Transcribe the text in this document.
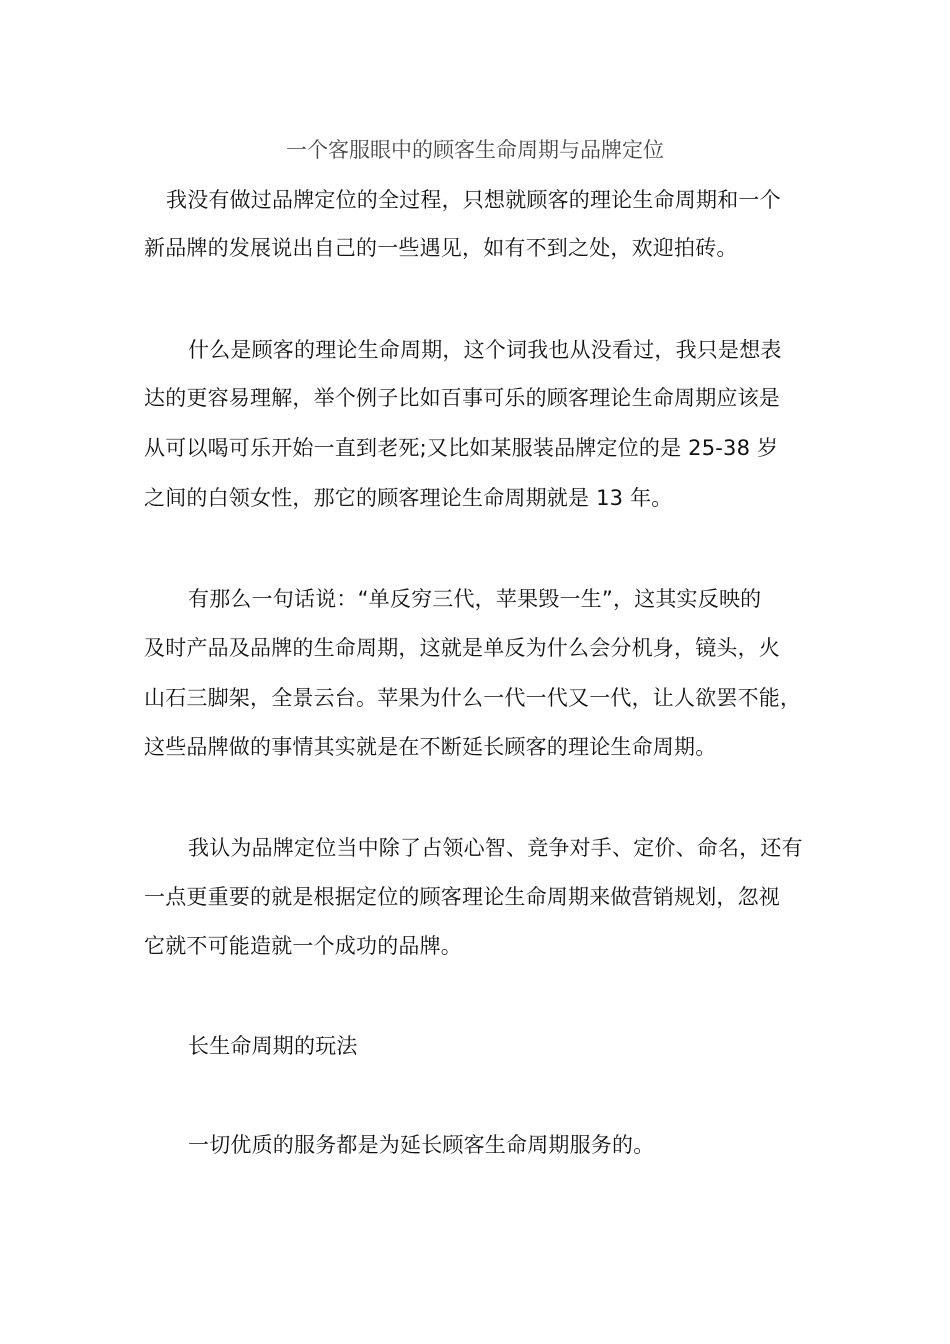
一个客服眼中的顾客生命周期与品牌定位
我没有做过品牌定位的全过程，只想就顾客的理论生命周期和一个
新品牌的发展说出自己的一些遇见，如有不到之处，欢迎拍砖。
什么是顾客的理论生命周期，这个词我也从没看过，我只是想表
达的更容易理解，举个例子比如百事可乐的顾客理论生命周期应该是
从可以喝可乐开始一直到老死;又比如某服装品牌定位的是 25-38 岁
之间的白领女性，那它的顾客理论生命周期就是 13 年。
有那么一句话说：“单反穷三代，苹果毁一生”，这其实反映的
及时产品及品牌的生命周期，这就是单反为什么会分机身，镜头，火
山石三脚架，全景云台。苹果为什么一代一代又一代，让人欲罢不能，
这些品牌做的事情其实就是在不断延长顾客的理论生命周期。
我认为品牌定位当中除了占领心智、竞争对手、定价、命名，还有
一点更重要的就是根据定位的顾客理论生命周期来做营销规划，忽视
它就不可能造就一个成功的品牌。
长生命周期的玩法
一切优质的服务都是为延长顾客生命周期服务的。
